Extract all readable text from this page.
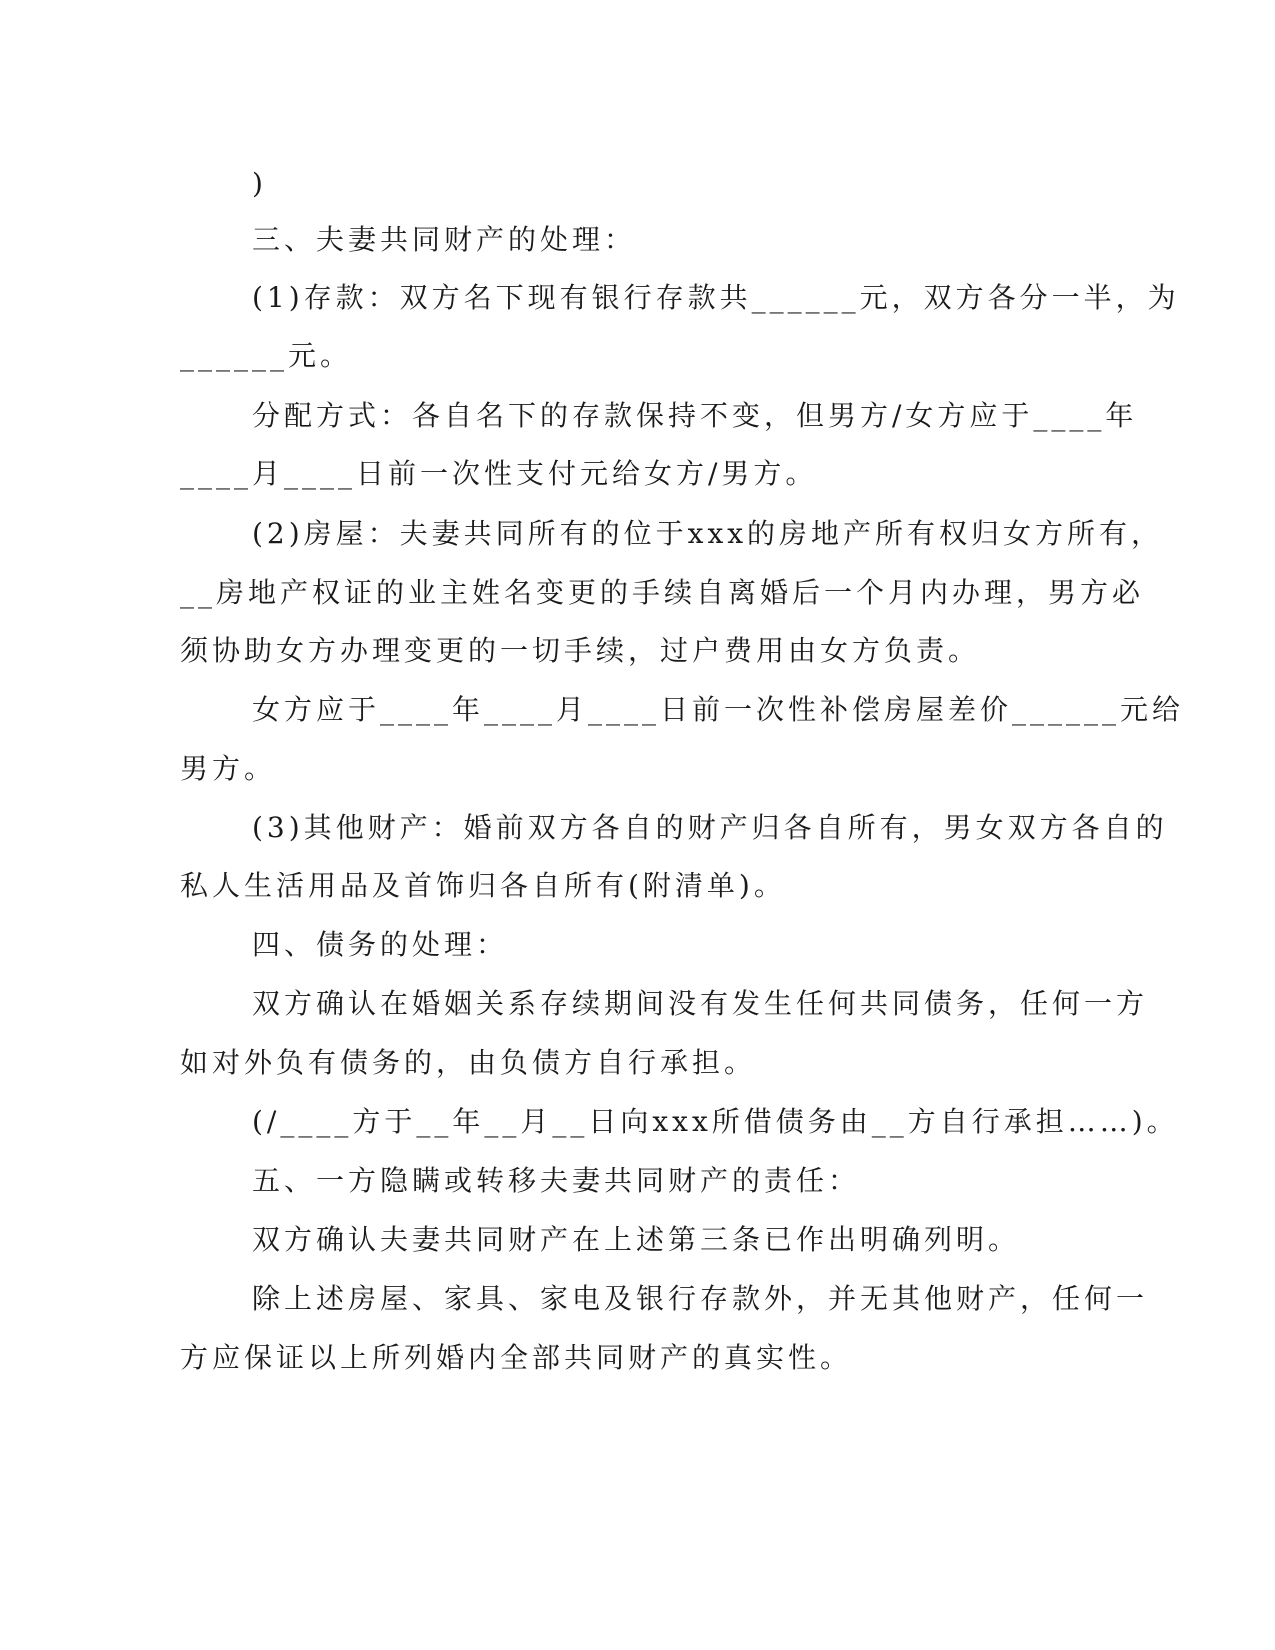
)
三、夫妻共同财产的处理：
(1)存款：双方名下现有银行存款共______元，双方各分一半，为
______元。
分配方式：各自名下的存款保持不变，但男方/女方应于____年
____月____日前一次性支付元给女方/男方。
(2)房屋：夫妻共同所有的位于xxx的房地产所有权归女方所有，
__房地产权证的业主姓名变更的手续自离婚后一个月内办理，男方必
须协助女方办理变更的一切手续，过户费用由女方负责。
女方应于____年____月____日前一次性补偿房屋差价______元给
男方。
(3)其他财产：婚前双方各自的财产归各自所有，男女双方各自的
私人生活用品及首饰归各自所有(附清单)。
四、债务的处理：
双方确认在婚姻关系存续期间没有发生任何共同债务，任何一方
如对外负有债务的，由负债方自行承担。
(/____方于__年__月__日向xxx所借债务由__方自行承担……)。
五、一方隐瞒或转移夫妻共同财产的责任：
双方确认夫妻共同财产在上述第三条已作出明确列明。
除上述房屋、家具、家电及银行存款外，并无其他财产，任何一
方应保证以上所列婚内全部共同财产的真实性。
